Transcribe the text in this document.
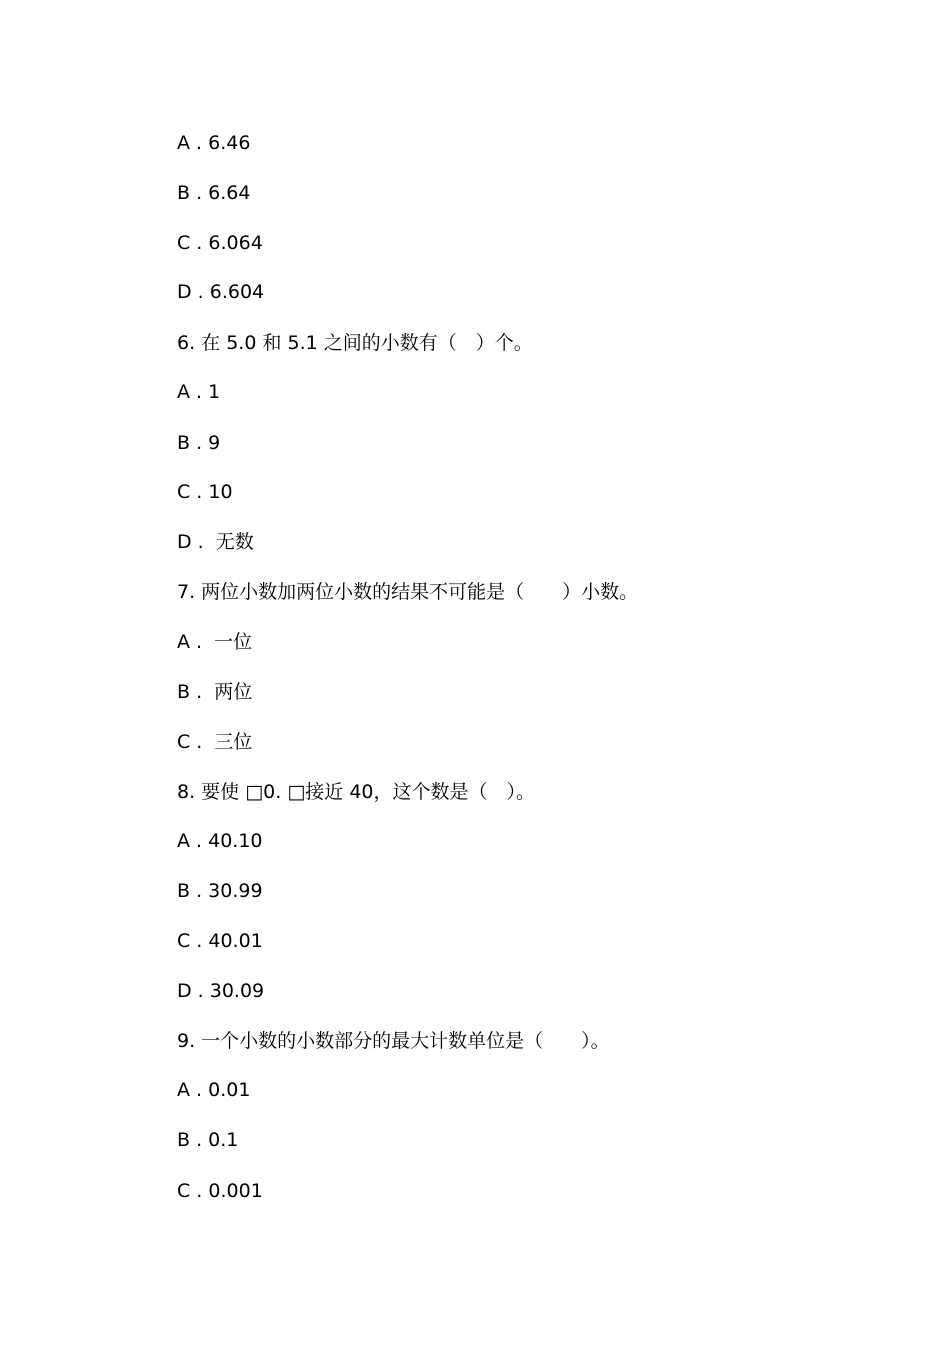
A . 6.46
B . 6.64
C . 6.064
D . 6.604
6. 在 5.0 和 5.1 之间的小数有（　）个。
A . 1
B . 9
C . 10
D .  无数
7. 两位小数加两位小数的结果不可能是（　　）小数。
A .  一位
B .  两位
C .  三位
8. 要使 □0. □接近 40，这个数是（　）。
A . 40.10
B . 30.99
C . 40.01
D . 30.09
9. 一个小数的小数部分的最大计数单位是（　　）。
A . 0.01
B . 0.1
C . 0.001
